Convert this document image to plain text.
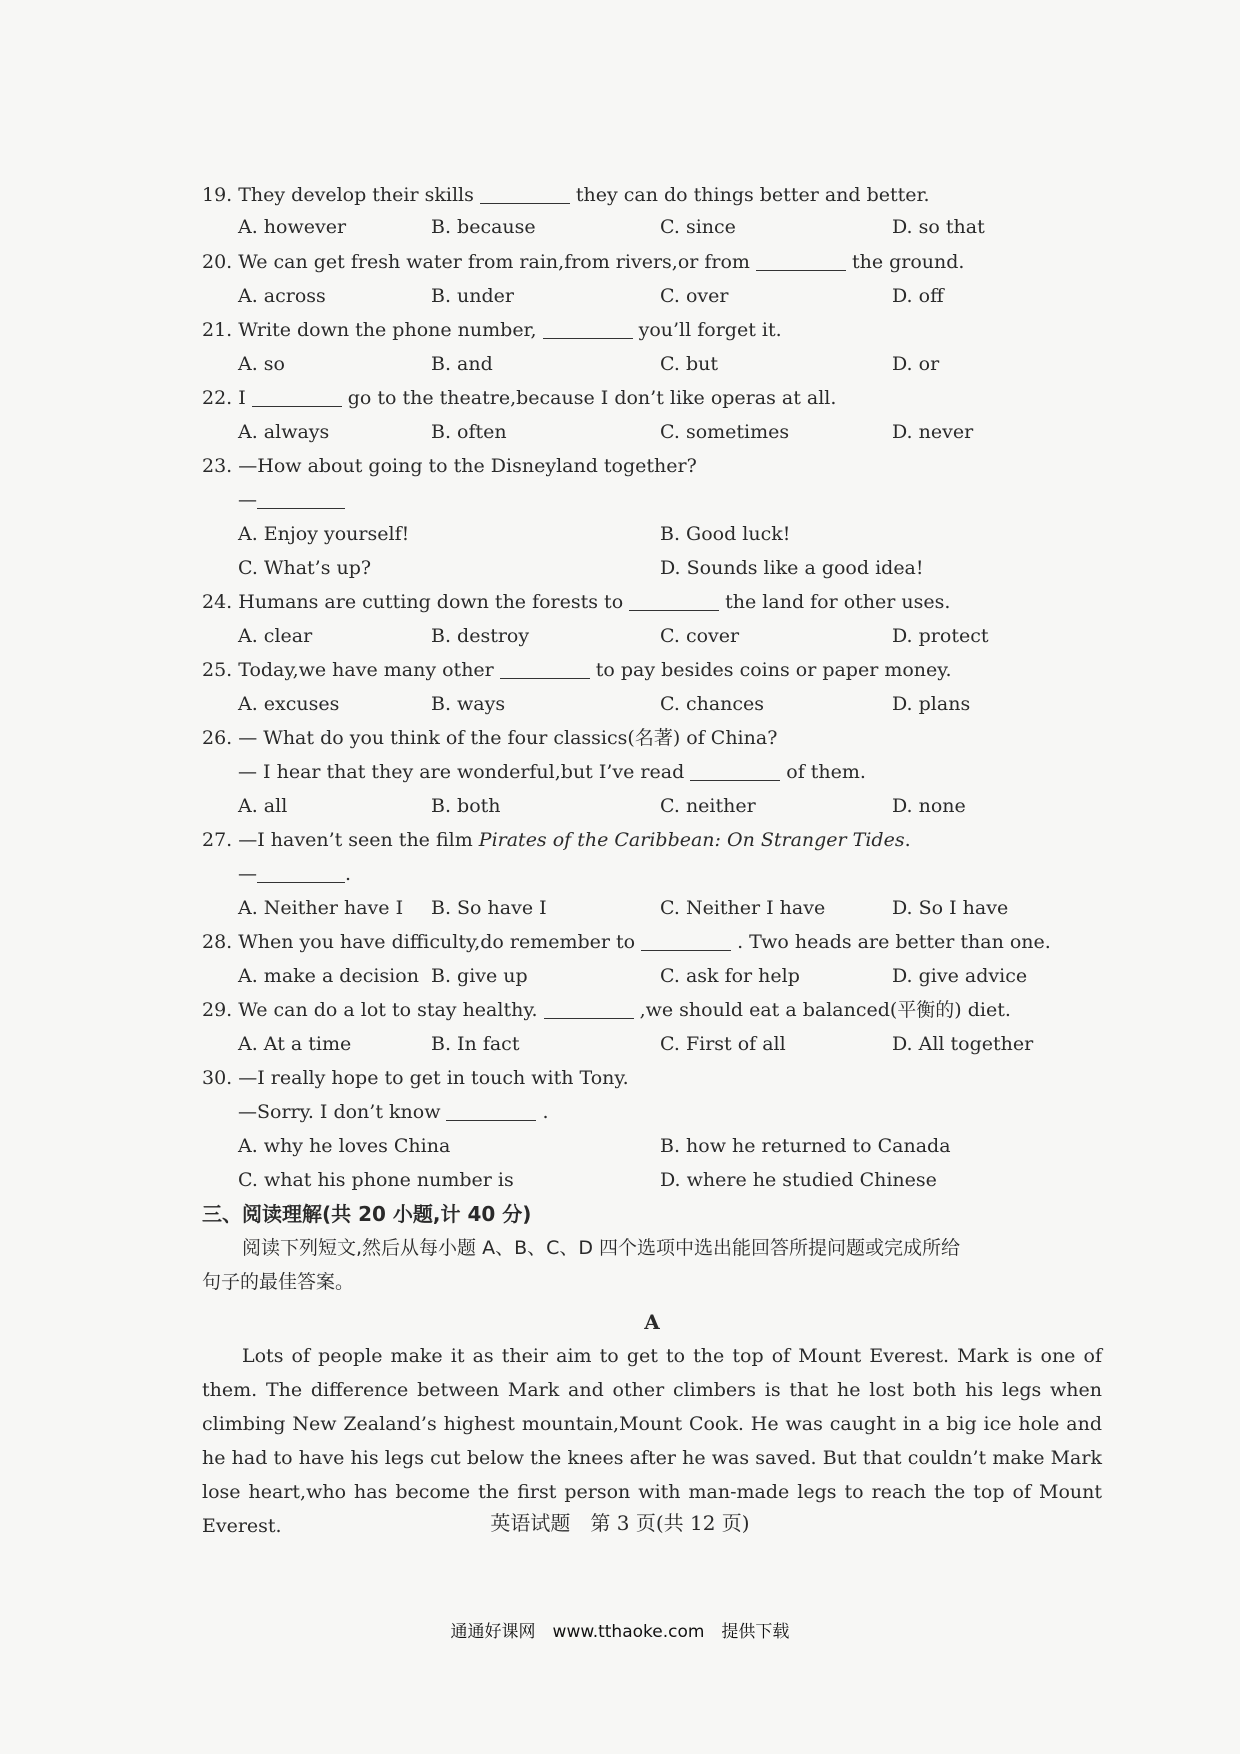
19. They develop their skills	they can do things better and better.
A. however	B. because	C. since	D. so that
20. We can get fresh water from rain,from rivers,or from	the ground.
A. across	B. under	C. over	D. off
21. Write down the phone number,	you’ll forget it.
A. so	B. and	C. but	D. or
22. I	go to the theatre,because I don’t like operas at all.
A. always	B. often	C. sometimes	D. never
23. —How about going to the Disneyland together?
—
A. Enjoy yourself!	B. Good luck!
C. What’s up?	D. Sounds like a good idea!
24. Humans are cutting down the forests to	the land for other uses.
A. clear	B. destroy	C. cover	D. protect
25. Today,we have many other	to pay besides coins or paper money.
A. excuses	B. ways	C. chances	D. plans
26. — What do you think of the four classics(名著) of China?
— I hear that they are wonderful,but I’ve read	of them.
A. all	B. both	C. neither	D. none
27. —I haven’t seen the film Pirates of the Caribbean: On Stranger Tides.
—	.
A. Neither have I B. So have I	C. Neither I have	D. So I have
28. When you have difficulty,do remember to	. Two heads are better than one.
A. make a decision B. give up	C. ask for help	D. give advice
29. We can do a lot to stay healthy.	,we should eat a balanced(平衡的) diet.
A. At a time	B. In fact	C. First of all	D. All together
30. —I really hope to get in touch with Tony.
—Sorry. I don’t know	.
A. why he loves China	B. how he returned to Canada
C. what his phone number is	D. where he studied Chinese
三、阅读理解(共 20 小题,计 40 分)
阅读下列短文,然后从每小题 A、B、C、D 四个选项中选出能回答所提问题或完成所给
句子的最佳答案。
A
Lots of people make it as their aim to get to the top of Mount Everest. Mark is one of them. The difference between Mark and other climbers is that he lost both his legs when climbing New Zealand’s highest mountain,Mount Cook. He was caught in a big ice hole and he had to have his legs cut below the knees after he was saved. But that couldn’t make Mark lose heart,who has become the first person with man-made legs to reach the top of Mount Everest.	英语试题　第 3 页(共 12 页)
通通好课网　www.tthaoke.com　提供下载
